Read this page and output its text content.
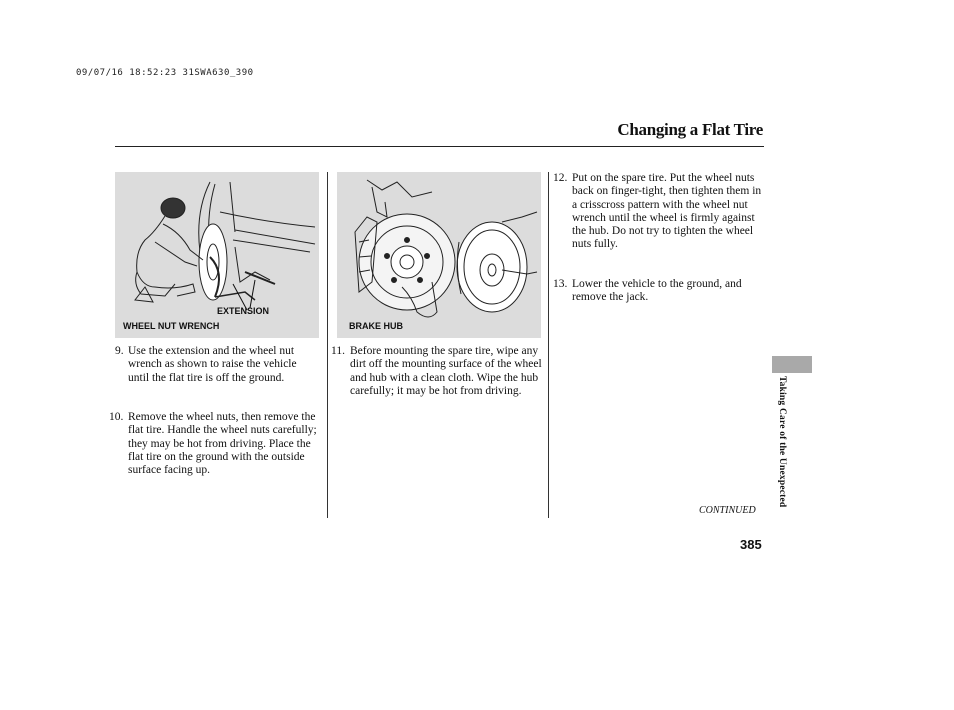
09/07/16 18:52:23 31SWA630_390
Changing a Flat Tire
EXTENSION
WHEEL NUT WRENCH	BRAKE HUB
9. Use the extension and the wheel nut wrench as shown to raise the vehicle until the flat tire is off the ground.
10. Remove the wheel nuts, then remove the flat tire. Handle the wheel nuts carefully; they may be hot from driving. Place the flat tire on the ground with the outside surface facing up.
11. Before mounting the spare tire, wipe any dirt off the mounting surface of the wheel and hub with a clean cloth. Wipe the hub carefully; it may be hot from driving.
12. Put on the spare tire. Put the wheel nuts back on finger-tight, then tighten them in a crisscross pattern with the wheel nut wrench until the wheel is firmly against the hub. Do not try to tighten the wheel nuts fully.
13. Lower the vehicle to the ground, and remove the jack.
Taking Care of the Unexpected
CONTINUED
385
